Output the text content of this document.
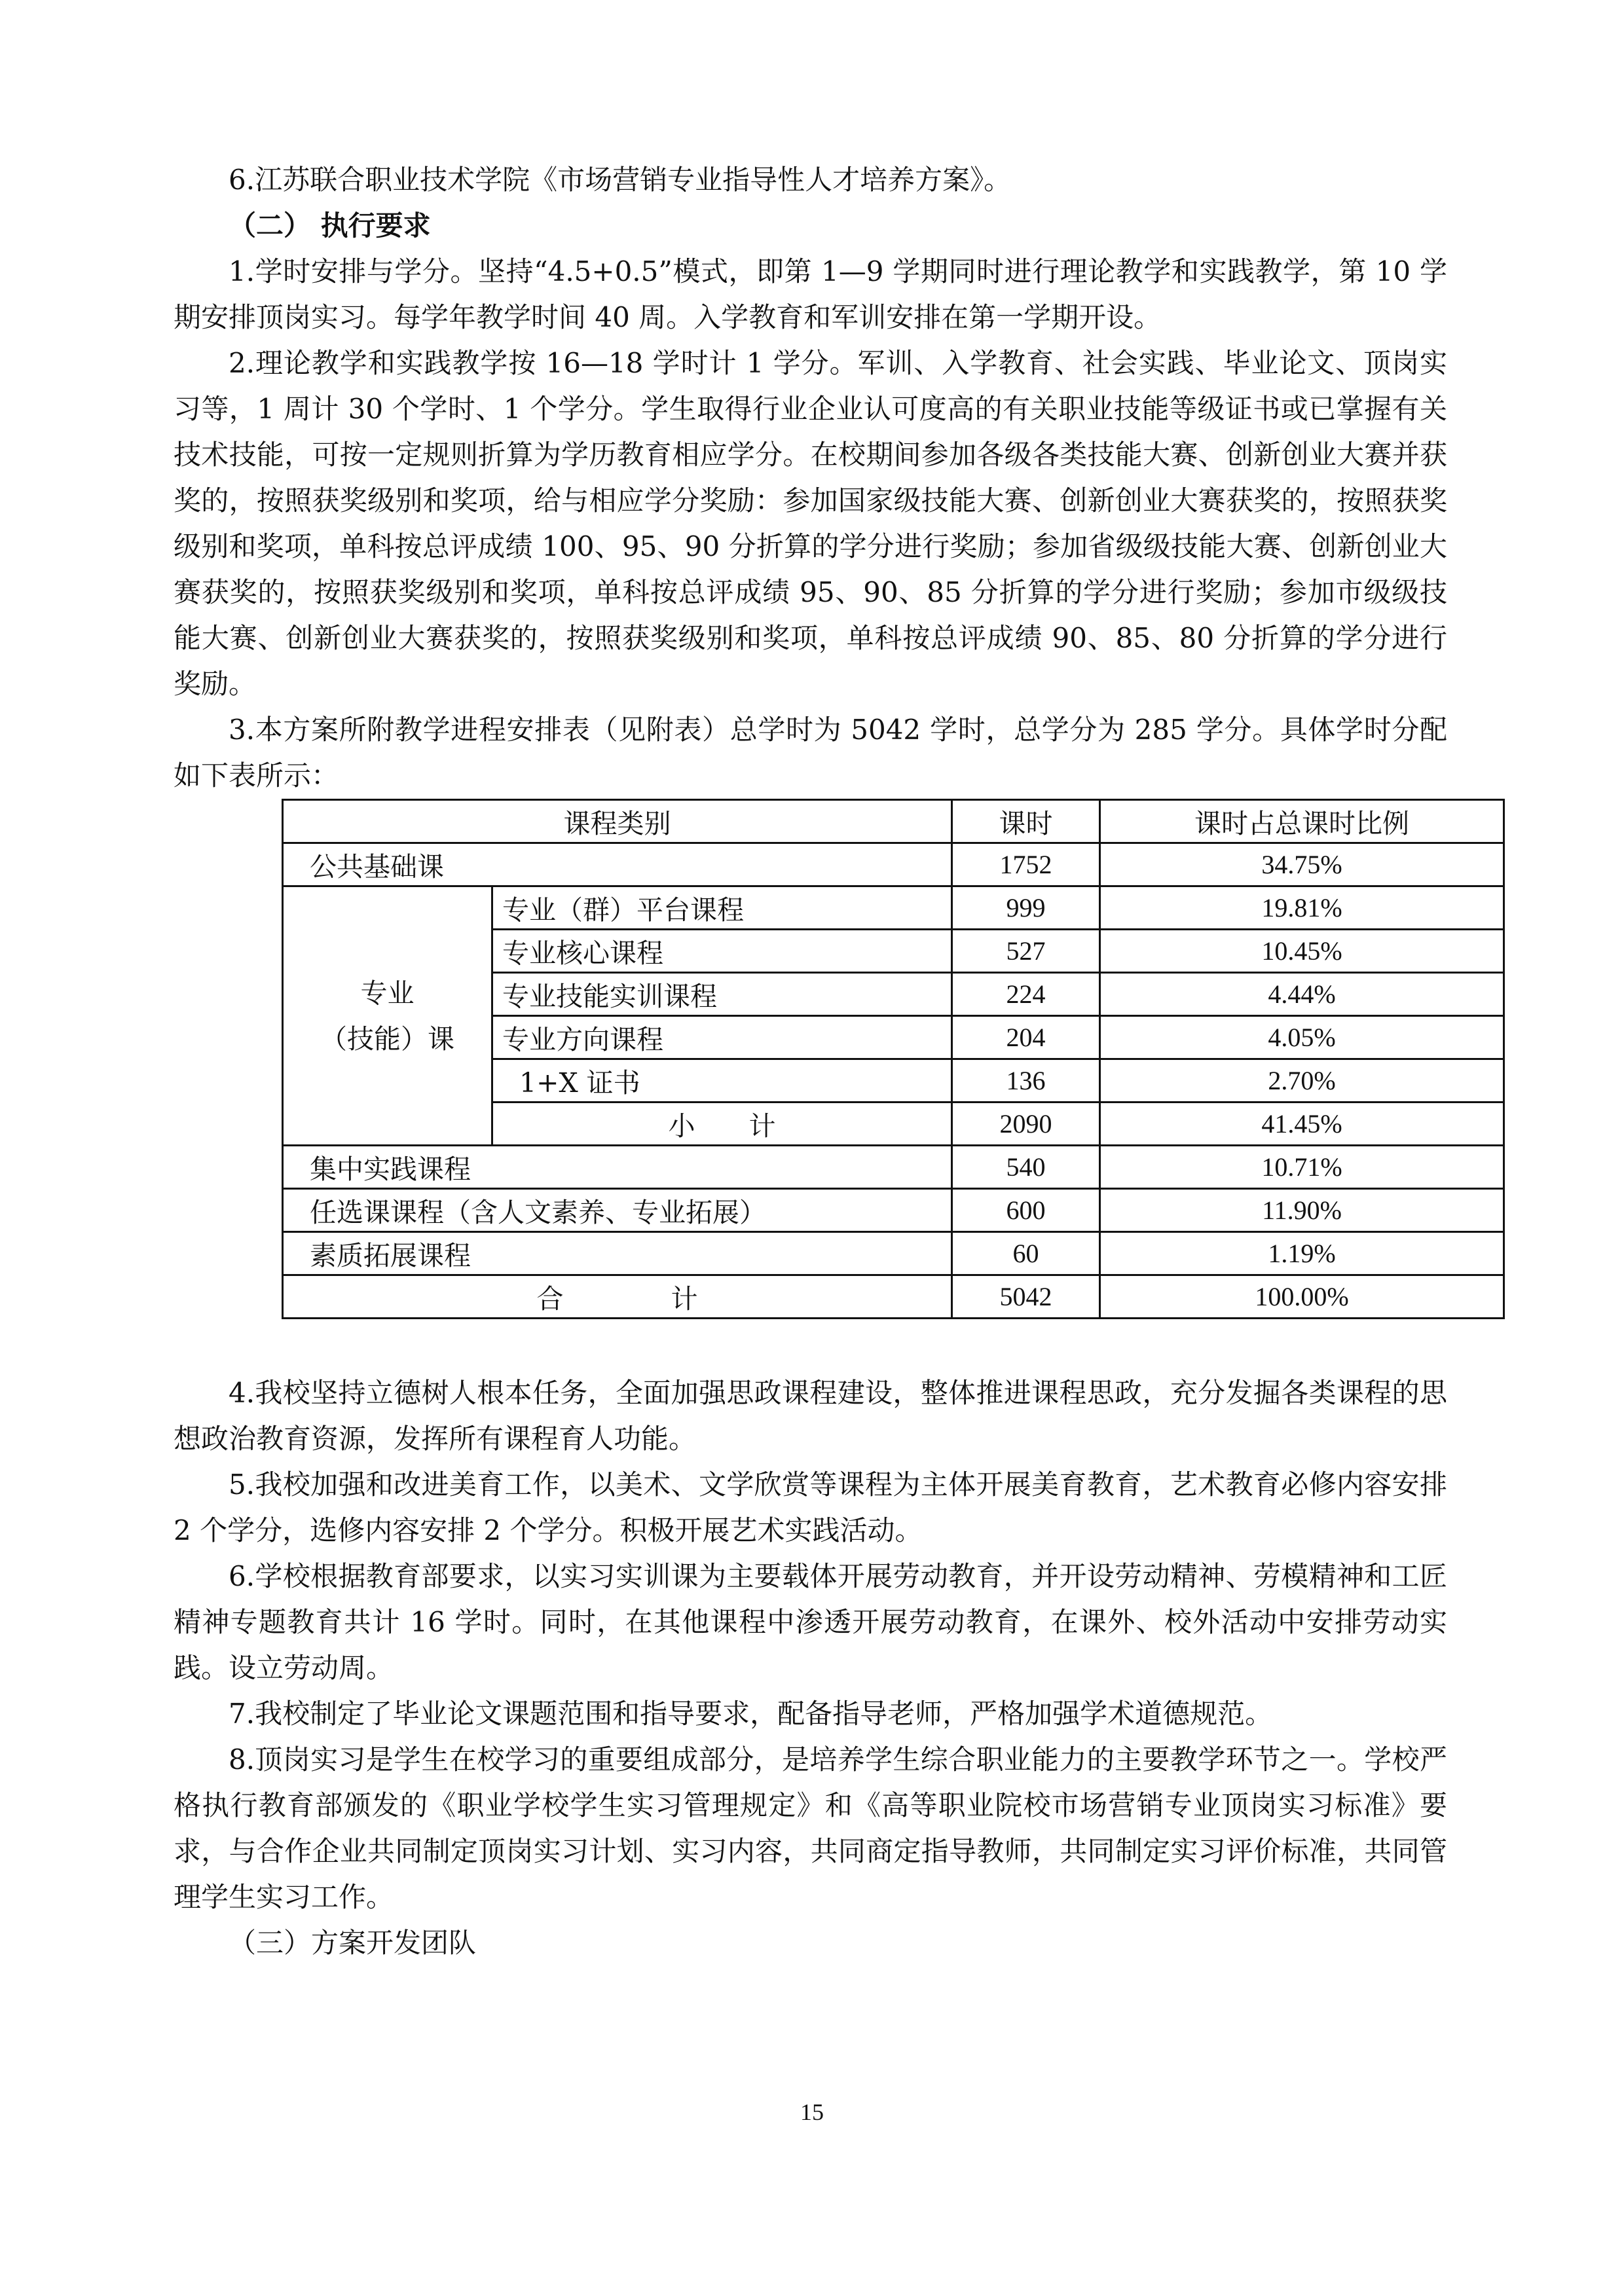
6.江苏联合职业技术学院《市场营销专业指导性人才培养方案》。

（二） 执行要求

1.学时安排与学分。坚持“4.5+0.5”模式，即第 1—9 学期同时进行理论教学和实践教学，第 10 学期安排顶岗实习。每学年教学时间 40 周。入学教育和军训安排在第一学期开设。

2.理论教学和实践教学按 16—18 学时计 1 学分。军训、入学教育、社会实践、毕业论文、顶岗实习等，1 周计 30 个学时、1 个学分。学生取得行业企业认可度高的有关职业技能等级证书或已掌握有关技术技能，可按一定规则折算为学历教育相应学分。在校期间参加各级各类技能大赛、创新创业大赛并获奖的，按照获奖级别和奖项，给与相应学分奖励：参加国家级技能大赛、创新创业大赛获奖的，按照获奖级别和奖项，单科按总评成绩 100、95、90 分折算的学分进行奖励；参加省级级技能大赛、创新创业大赛获奖的，按照获奖级别和奖项，单科按总评成绩 95、90、85 分折算的学分进行奖励；参加市级级技能大赛、创新创业大赛获奖的，按照获奖级别和奖项，单科按总评成绩 90、85、80 分折算的学分进行奖励。

3.本方案所附教学进程安排表（见附表）总学时为 5042 学时，总学分为 285 学分。具体学时分配如下表所示：

课程类别		课时	课时占总课时比例
公共基础课		1752	34.75%
专业
（技能）课	专业（群）平台课程	999	19.81%
	专业核心课程	527	10.45%
	专业技能实训课程	224	4.44%
	专业方向课程	204	4.05%
	1+X 证书	136	2.70%
	小　　计	2090	41.45%
集中实践课程		540	10.71%
任选课课程（含人文素养、专业拓展）		600	11.90%
素质拓展课程		60	1.19%
合　　　　计		5042	100.00%

4.我校坚持立德树人根本任务，全面加强思政课程建设，整体推进课程思政，充分发掘各类课程的思想政治教育资源，发挥所有课程育人功能。

5.我校加强和改进美育工作，以美术、文学欣赏等课程为主体开展美育教育，艺术教育必修内容安排 2 个学分，选修内容安排 2 个学分。积极开展艺术实践活动。

6.学校根据教育部要求，以实习实训课为主要载体开展劳动教育，并开设劳动精神、劳模精神和工匠精神专题教育共计 16 学时。同时，在其他课程中渗透开展劳动教育，在课外、校外活动中安排劳动实践。设立劳动周。

7.我校制定了毕业论文课题范围和指导要求，配备指导老师，严格加强学术道德规范。

8.顶岗实习是学生在校学习的重要组成部分，是培养学生综合职业能力的主要教学环节之一。学校严格执行教育部颁发的《职业学校学生实习管理规定》和《高等职业院校市场营销专业顶岗实习标准》要求，与合作企业共同制定顶岗实习计划、实习内容，共同商定指导教师，共同制定实习评价标准，共同管理学生实习工作。

（三）方案开发团队

15
